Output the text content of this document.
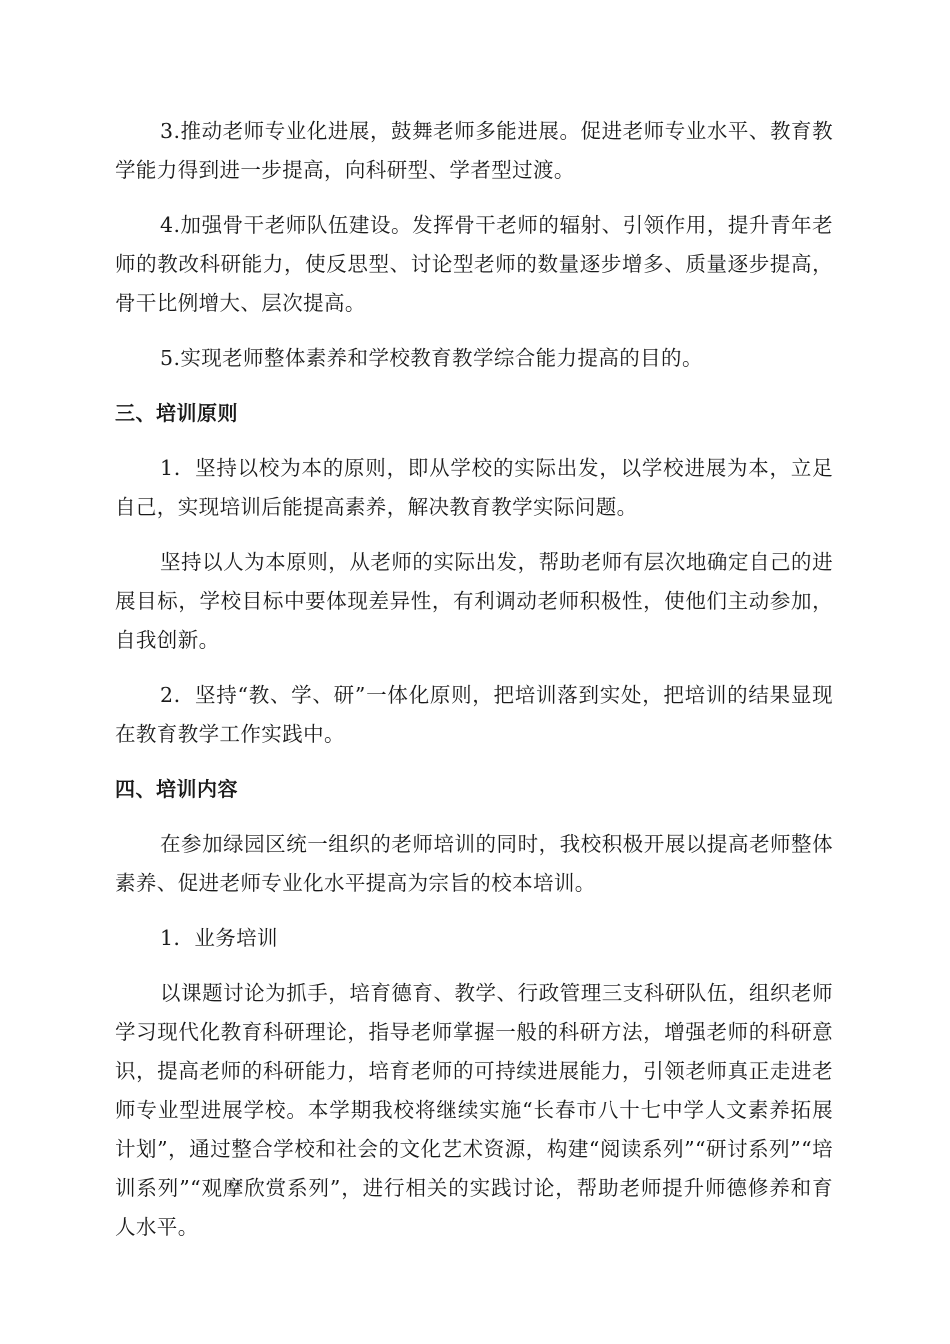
3.推动老师专业化进展，鼓舞老师多能进展。促进老师专业水平、教育教学能力得到进一步提高，向科研型、学者型过渡。

4.加强骨干老师队伍建设。发挥骨干老师的辐射、引领作用，提升青年老师的教改科研能力，使反思型、讨论型老师的数量逐步增多、质量逐步提高，骨干比例增大、层次提高。

5.实现老师整体素养和学校教育教学综合能力提高的目的。

三、培训原则

1．坚持以校为本的原则，即从学校的实际出发，以学校进展为本，立足自己，实现培训后能提高素养，解决教育教学实际问题。

坚持以人为本原则，从老师的实际出发，帮助老师有层次地确定自己的进展目标，学校目标中要体现差异性，有利调动老师积极性，使他们主动参加，自我创新。

2．坚持“教、学、研”一体化原则，把培训落到实处，把培训的结果显现在教育教学工作实践中。

四、培训内容

在参加绿园区统一组织的老师培训的同时，我校积极开展以提高老师整体素养、促进老师专业化水平提高为宗旨的校本培训。

1．业务培训

以课题讨论为抓手，培育德育、教学、行政管理三支科研队伍，组织老师学习现代化教育科研理论，指导老师掌握一般的科研方法，增强老师的科研意识，提高老师的科研能力，培育老师的可持续进展能力，引领老师真正走进老师专业型进展学校。本学期我校将继续实施“长春市八十七中学人文素养拓展计划”，通过整合学校和社会的文化艺术资源，构建“阅读系列”“研讨系列”“培训系列”“观摩欣赏系列”，进行相关的实践讨论，帮助老师提升师德修养和育人水平。
